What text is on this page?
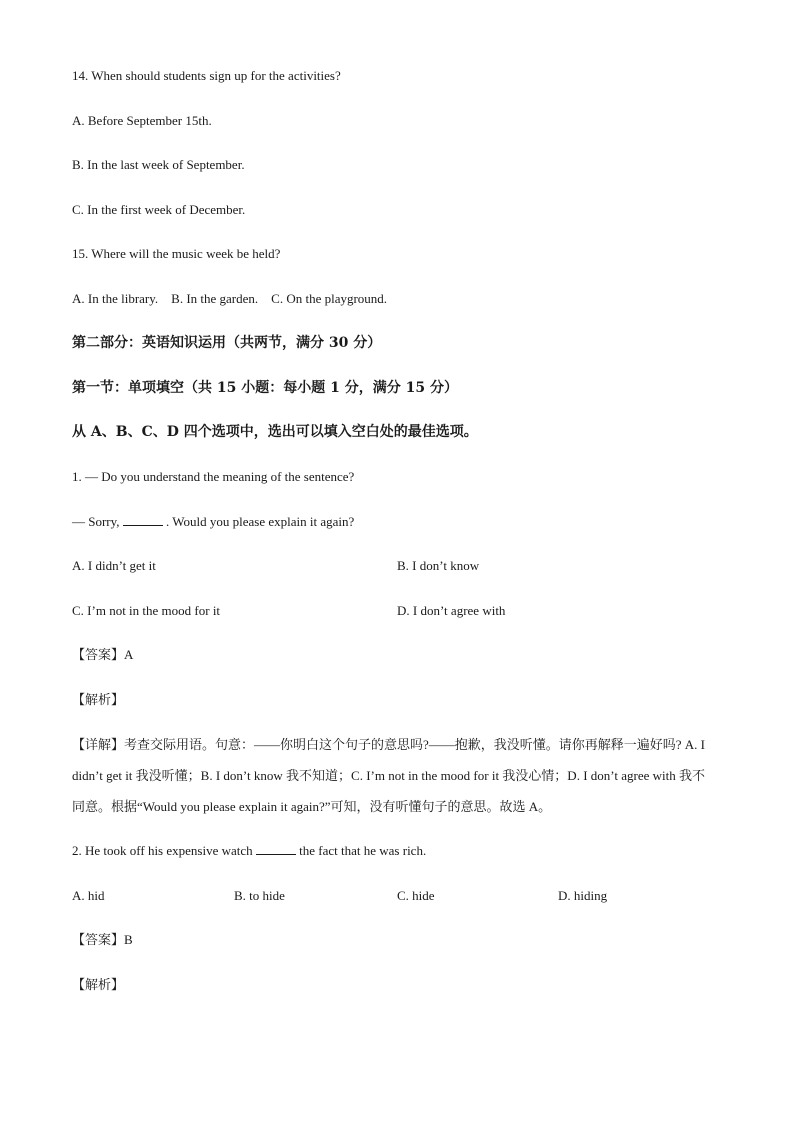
14. When should students sign up for the activities?
A. Before September 15th.
B. In the last week of September.
C. In the first week of December.
15. Where will the music week be held?
A. In the library.    B. In the garden.    C. On the playground.
第二部分：英语知识运用（共两节，满分 30 分）
第一节：单项填空（共 15 小题：每小题 1 分，满分 15 分）
从 A、B、C、D 四个选项中，选出可以填入空白处的最佳选项。
1. — Do you understand the meaning of the sentence?
— Sorry,	. Would you please explain it again?
A. I didn’t get it	B. I don’t know
C. I’m not in the mood for it	D. I don’t agree with
【答案】A
【解析】
【详解】考查交际用语。句意：——你明白这个句子的意思吗?——抱歉，我没听懂。请你再解释一遍好吗? A. I didn’t get it 我没听懂；B. I don’t know 我不知道；C. I’m not in the mood for it 我没心情；D. I don’t agree with 我不同意。根据“Would you please explain it again?”可知，没有听懂句子的意思。故选 A。
2. He took off his expensive watch	the fact that he was rich.
A. hid	B. to hide	C. hide	D. hiding
【答案】B
【解析】
